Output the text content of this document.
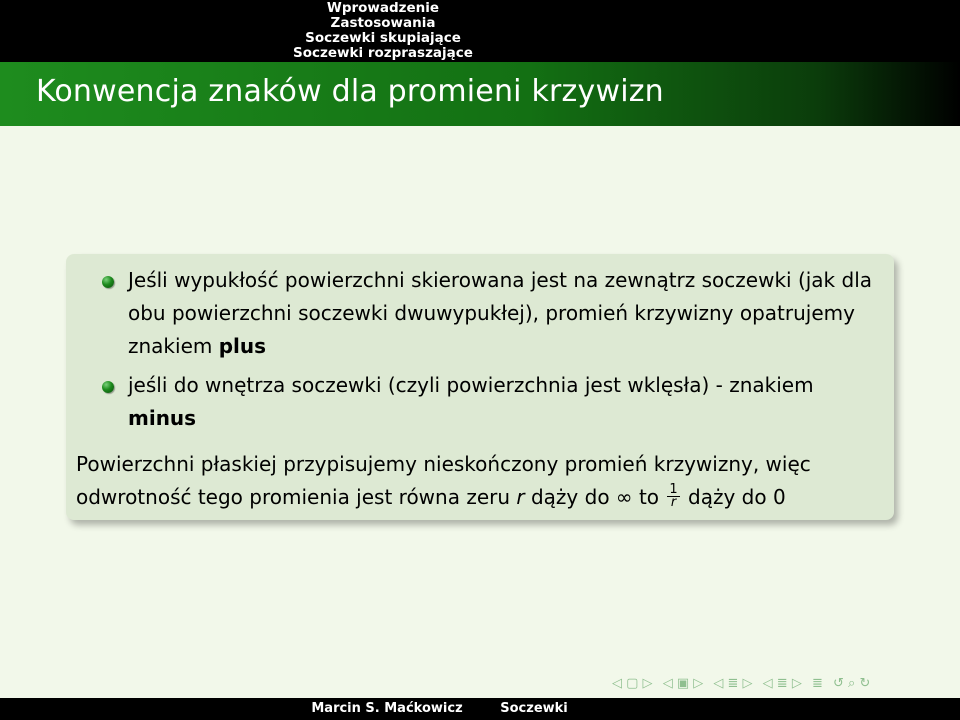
Wprowadzenie
Zastosowania
Soczewki skupiające
Soczewki rozpraszające
Konwencja znaków dla promieni krzywizn
Jeśli wypukłość powierzchni skierowana jest na zewnątrz soczewki (jak dla obu powierzchni soczewki dwuwypukłej), promień krzywizny opatrujemy znakiem plus
jeśli do wnętrza soczewki (czyli powierzchnia jest wklęsła) - znakiem minus
Powierzchni płaskiej przypisujemy nieskończony promień krzywizny, więc odwrotność tego promienia jest równa zeru r dąży do ∞ to $\frac{1}{r}$ dąży do 0
◁ ▢ ▷ ◁ ▣ ▷ ◁ ≣ ▷ ◁ ≣ ▷ ≣ ↺ ⌕ ↻
Marcin S. Maćkowicz	Soczewki
